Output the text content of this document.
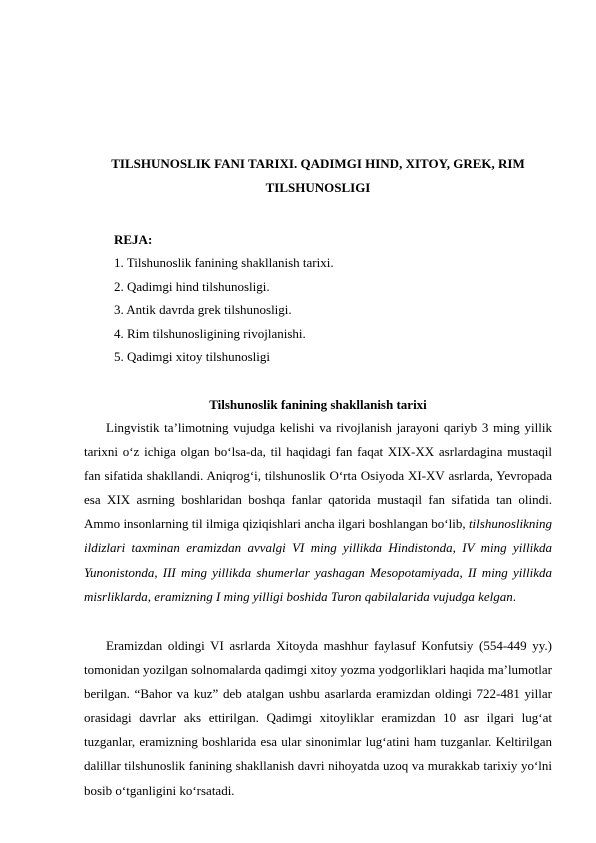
TILSHUNOSLIK FANI TARIXI. QADIMGI HIND, XITOY, GREK, RIM
TILSHUNOSLIGI
REJA:
1. Tilshunoslik fanining shakllanish tarixi.
2. Qadimgi hind tilshunosligi.
3. Antik davrda grek tilshunosligi.
4. Rim tilshunosligining rivojlanishi.
5. Qadimgi xitoy tilshunosligi
Tilshunoslik fanining shakllanish tarixi
Lingvistik ta’limotning vujudga kelishi va rivojlanish jarayoni qariyb 3 ming yillik tarixni o‘z ichiga olgan bo‘lsa-da, til haqidagi fan faqat XIX-XX asrlardagina mustaqil fan sifatida shakllandi. Aniqrog‘i, tilshunoslik O‘rta Osiyoda XI-XV asrlarda, Yevropada esa XIX asrning boshlaridan boshqa fanlar qatorida mustaqil fan sifatida tan olindi. Ammo insonlarning til ilmiga qiziqishlari ancha ilgari boshlangan bo‘lib, tilshunoslikning ildizlari taxminan eramizdan avvalgi VI ming yillikda Hindistonda, IV ming yillikda Yunonistonda, III ming yillikda shumerlar yashagan Mesopotamiyada, II ming yillikda misrliklarda, eramizning I ming yilligi boshida Turon qabilalarida vujudga kelgan.
Eramizdan oldingi VI asrlarda Xitoyda mashhur faylasuf Konfutsiy (554-449 yy.) tomonidan yozilgan solnomalarda qadimgi xitoy yozma yodgorliklari haqida ma’lumotlar berilgan. “Bahor va kuz” deb atalgan ushbu asarlarda eramizdan oldingi 722-481 yillar orasidagi davrlar aks ettirilgan. Qadimgi xitoyliklar eramizdan 10 asr ilgari lug‘at tuzganlar, eramizning boshlarida esa ular sinonimlar lug‘atini ham tuzganlar. Keltirilgan dalillar tilshunoslik fanining shakllanish davri nihoyatda uzoq va murakkab tarixiy yo‘lni bosib o‘tganligini ko‘rsatadi.
